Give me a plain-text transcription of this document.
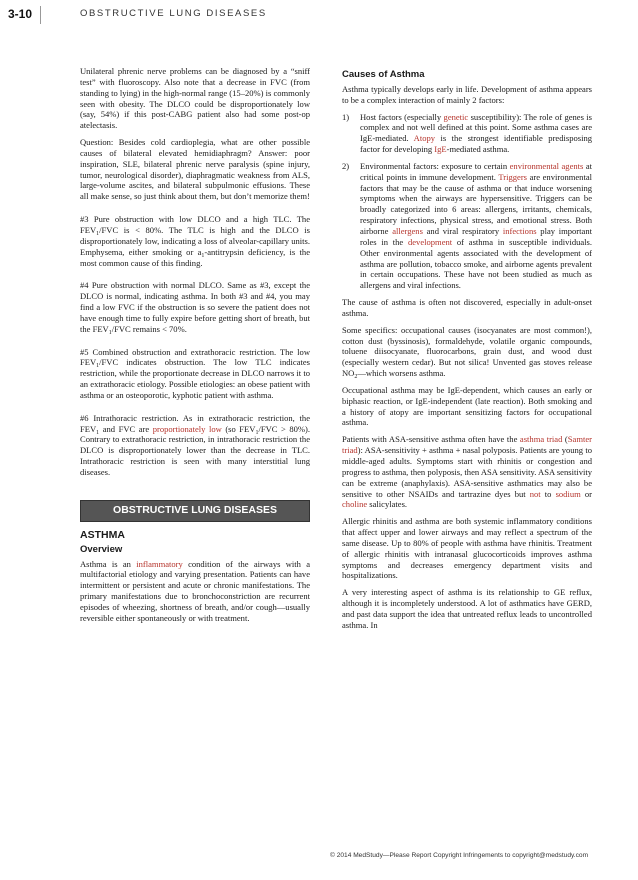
3-10	OBSTRUCTIVE LUNG DISEASES

Unilateral phrenic nerve problems can be diagnosed by a “sniff test” with fluoroscopy. Also note that a decrease in FVC (from standing to lying) in the high-normal range (15–20%) is commonly seen with obesity. The DLCO could be disproportionately low (say, 54%) if this post-CABG patient also had some post-op atelectasis.

Question: Besides cold cardioplegia, what are other possible causes of bilateral elevated hemidiaphragm? Answer: poor inspiration, SLE, bilateral phrenic nerve paralysis (spine injury, tumor, neurological disorder), diaphragmatic weakness from ALS, large-volume ascites, and bilateral subpulmonic effusions. These all make sense, so just think about them, but don’t memorize them!

#3 Pure obstruction with low DLCO and a high TLC. The $FEV_1$/FVC is < 80%. The TLC is high and the DLCO is disproportionately low, indicating a loss of alveolar-capillary units. Emphysema, either smoking or $a_1$-antitrypsin deficiency, is the most common cause of this finding.

#4 Pure obstruction with normal DLCO. Same as #3, except the DLCO is normal, indicating asthma. In both #3 and #4, you may find a low FVC if the obstruction is so severe the patient does not have enough time to fully expire before getting short of breath, but the $FEV_1$/FVC remains < 70%.

#5 Combined obstruction and extrathoracic restriction. The low $FEV_1$/FVC indicates obstruction. The low TLC indicates restriction, while the proportionate decrease in DLCO narrows it to an extrathoracic etiology. Possible etiologies: an obese patient with asthma or an osteoporotic, kyphotic patient with asthma.

#6 Intrathoracic restriction. As in extrathoracic restriction, the $FEV_1$ and FVC are proportionately low (so $FEV_1$/FVC > 80%). Contrary to extrathoracic restriction, in intrathoracic restriction the DLCO is disproportionately lower than the decrease in TLC. Intrathoracic restriction is seen with many interstitial lung diseases.

OBSTRUCTIVE LUNG DISEASES
ASTHMA
Overview

Asthma is an inflammatory condition of the airways with a multifactorial etiology and varying presentation. Patients can have intermittent or persistent and acute or chronic manifestations. The primary manifestations due to bronchoconstriction are recurrent episodes of wheezing, shortness of breath, and/or cough—usually reversible either spontaneously or with treatment.

Causes of Asthma

Asthma typically develops early in life. Development of asthma appears to be a complex interaction of mainly 2 factors:

1)	Host factors (especially genetic susceptibility): The role of genes is complex and not well defined at this point. Some asthma cases are IgE-mediated. Atopy is the strongest identifiable predisposing factor for developing IgE-mediated asthma.
2)	Environmental factors: exposure to certain environmental agents at critical points in immune development. Triggers are environmental factors that may be the cause of asthma or that induce worsening symptoms when the airways are hypersensitive. Triggers can be broadly categorized into 6 areas: allergens, irritants, chemicals, respiratory infections, physical stress, and emotional stress. Both airborne allergens and viral respiratory infections play important roles in the development of asthma in susceptible individuals. Other environmental agents associated with the development of asthma are pollution, tobacco smoke, and airborne agents prevalent in certain occupations. These have not been studied as much as allergens and viral infections.

The cause of asthma is often not discovered, especially in adult-onset asthma.

Some specifics: occupational causes (isocyanates are most common!), cotton dust (byssinosis), formaldehyde, volatile organic compounds, toluene diisocyanate, fluorocarbons, grain dust, and wood dust (especially western cedar). But not silica! Unvented gas stoves release $NO_2—which$ worsens asthma.

Occupational asthma may be IgE-dependent, which causes an early or biphasic reaction, or IgE-independent (late reaction). Both smoking and a history of atopy are important sensitizing factors for occupational asthma.

Patients with ASA-sensitive asthma often have the asthma triad (Samter triad): ASA-sensitivity + asthma + nasal polyposis. Patients are young to middle-aged adults. Symptoms start with rhinitis or congestion and progress to asthma, then polyposis, then ASA sensitivity. ASA sensitivity can be extreme (anaphylaxis). ASA-sensitive asthmatics may also be sensitive to other NSAIDs and tartrazine dyes but not to sodium or choline salicylates.

Allergic rhinitis and asthma are both systemic inflammatory conditions that affect upper and lower airways and may reflect a spectrum of the same disease. Up to 80% of people with asthma have rhinitis. Treatment of allergic rhinitis with intranasal glucocorticoids improves asthma symptoms and decreases emergency department visits and hospitalizations.

A very interesting aspect of asthma is its relationship to GE reflux, although it is incompletely understood. A lot of asthmatics have GERD, and past data support the idea that untreated reflux leads to uncontrolled asthma. In

© 2014 MedStudy—Please Report Copyright Infringements to copyright@medstudy.com
